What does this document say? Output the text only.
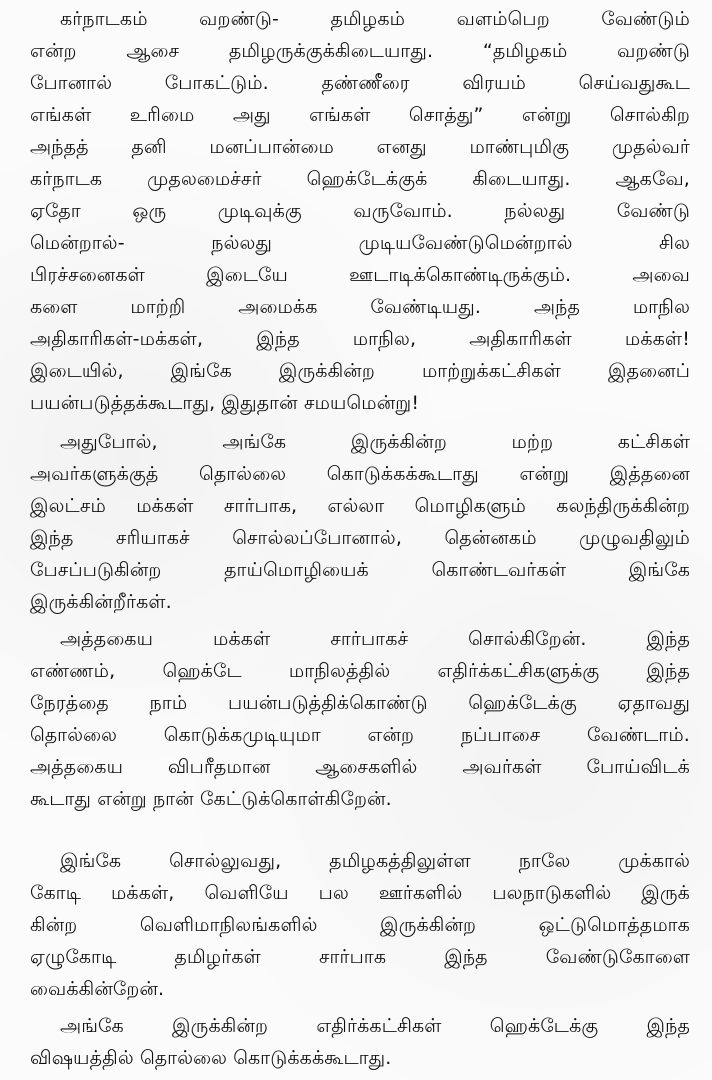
கர்நாடகம் வறண்டு- தமிழகம் வளம்பெற வேண்டும்
என்ற ஆசை தமிழருக்குக்கிடையாது. “தமிழகம் வறண்டு
போனால் போகட்டும். தண்ணீரை விரயம் செய்வதுகூட
எங்கள் உரிமை அது எங்கள் சொத்து” என்று சொல்கிற
அந்தத் தனி மனப்பான்மை எனது மாண்புமிகு முதல்வர்
கர்நாடக முதலமைச்சர் ஹெக்டேக்குக் கிடையாது. ஆகவே,
ஏதோ ஒரு முடிவுக்கு வருவோம். நல்லது வேண்டு
மென்றால்- நல்லது முடியவேண்டுமென்றால் சில
பிரச்சனைகள் இடையே ஊடாடிக்கொண்டிருக்கும். அவை
களை மாற்றி அமைக்க வேண்டியது. அந்த மாநில
அதிகாரிகள்-மக்கள், இந்த மாநில, அதிகாரிகள் மக்கள்!
இடையில், இங்கே இருக்கின்ற மாற்றுக்கட்சிகள் இதனைப்
பயன்படுத்தக்கூடாது, இதுதான் சமயமென்று!
அதுபோல், அங்கே இருக்கின்ற மற்ற கட்சிகள்
அவர்களுக்குத் தொல்லை கொடுக்கக்கூடாது என்று இத்தனை
இலட்சம் மக்கள் சார்பாக, எல்லா மொழிகளும் கலந்திருக்கின்ற
இந்த சரியாகச் சொல்லப்போனால், தென்னகம் முழுவதிலும்
பேசப்படுகின்ற தாய்மொழியைக் கொண்டவர்கள் இங்கே
இருக்கின்றீர்கள்.
அத்தகைய மக்கள் சார்பாகச் சொல்கிறேன். இந்த
எண்ணம், ஹெக்டே மாநிலத்தில் எதிர்க்கட்சிகளுக்கு இந்த
நேரத்தை நாம் பயன்படுத்திக்கொண்டு ஹெக்டேக்கு ஏதாவது
தொல்லை கொடுக்கமுடியுமா என்ற நப்பாசை வேண்டாம்.
அத்தகைய விபரீதமான ஆசைகளில் அவர்கள் போய்விடக்
கூடாது என்று நான் கேட்டுக்கொள்கிறேன்.
இங்கே சொல்லுவது, தமிழகத்திலுள்ள நாலே முக்கால்
கோடி மக்கள், வெளியே பல ஊர்களில் பலநாடுகளில் இருக்
கின்ற வெளிமாநிலங்களில் இருக்கின்ற ஒட்டுமொத்தமாக
ஏழுகோடி தமிழர்கள் சார்பாக இந்த வேண்டுகோளை
வைக்கின்றேன்.
அங்கே இருக்கின்ற எதிர்க்கட்சிகள் ஹெக்டேக்கு இந்த
விஷயத்தில் தொல்லை கொடுக்கக்கூடாது.
